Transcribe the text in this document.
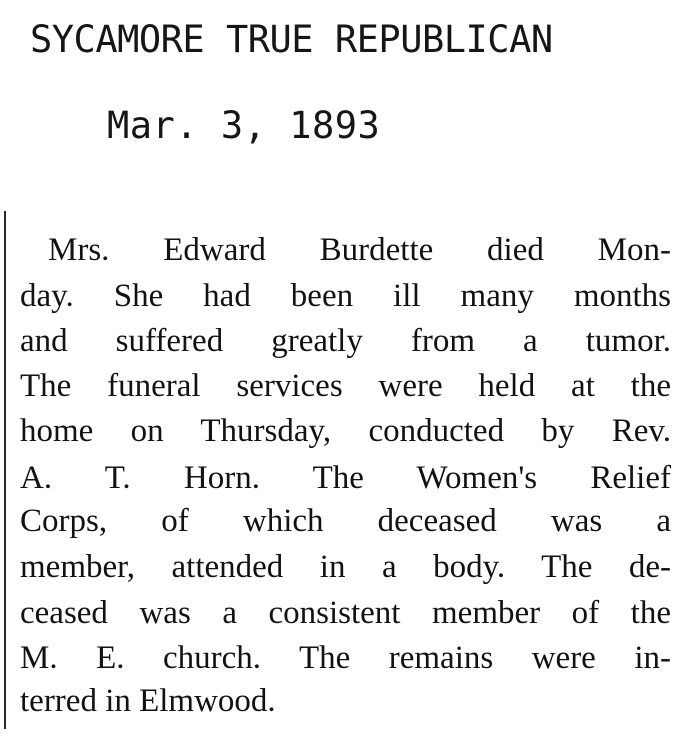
SYCAMORE TRUE REPUBLICAN
Mar. 3, 1893
Mrs. Edward Burdette died Mon-
day. She had been ill many months
and suffered greatly from a tumor.
The funeral services were held at the
home on Thursday, conducted by Rev.
A. T. Horn. The Women's Relief
Corps, of which deceased was a
member, attended in a body. The de-
ceased was a consistent member of the
M. E. church. The remains were in-
terred in Elmwood.
